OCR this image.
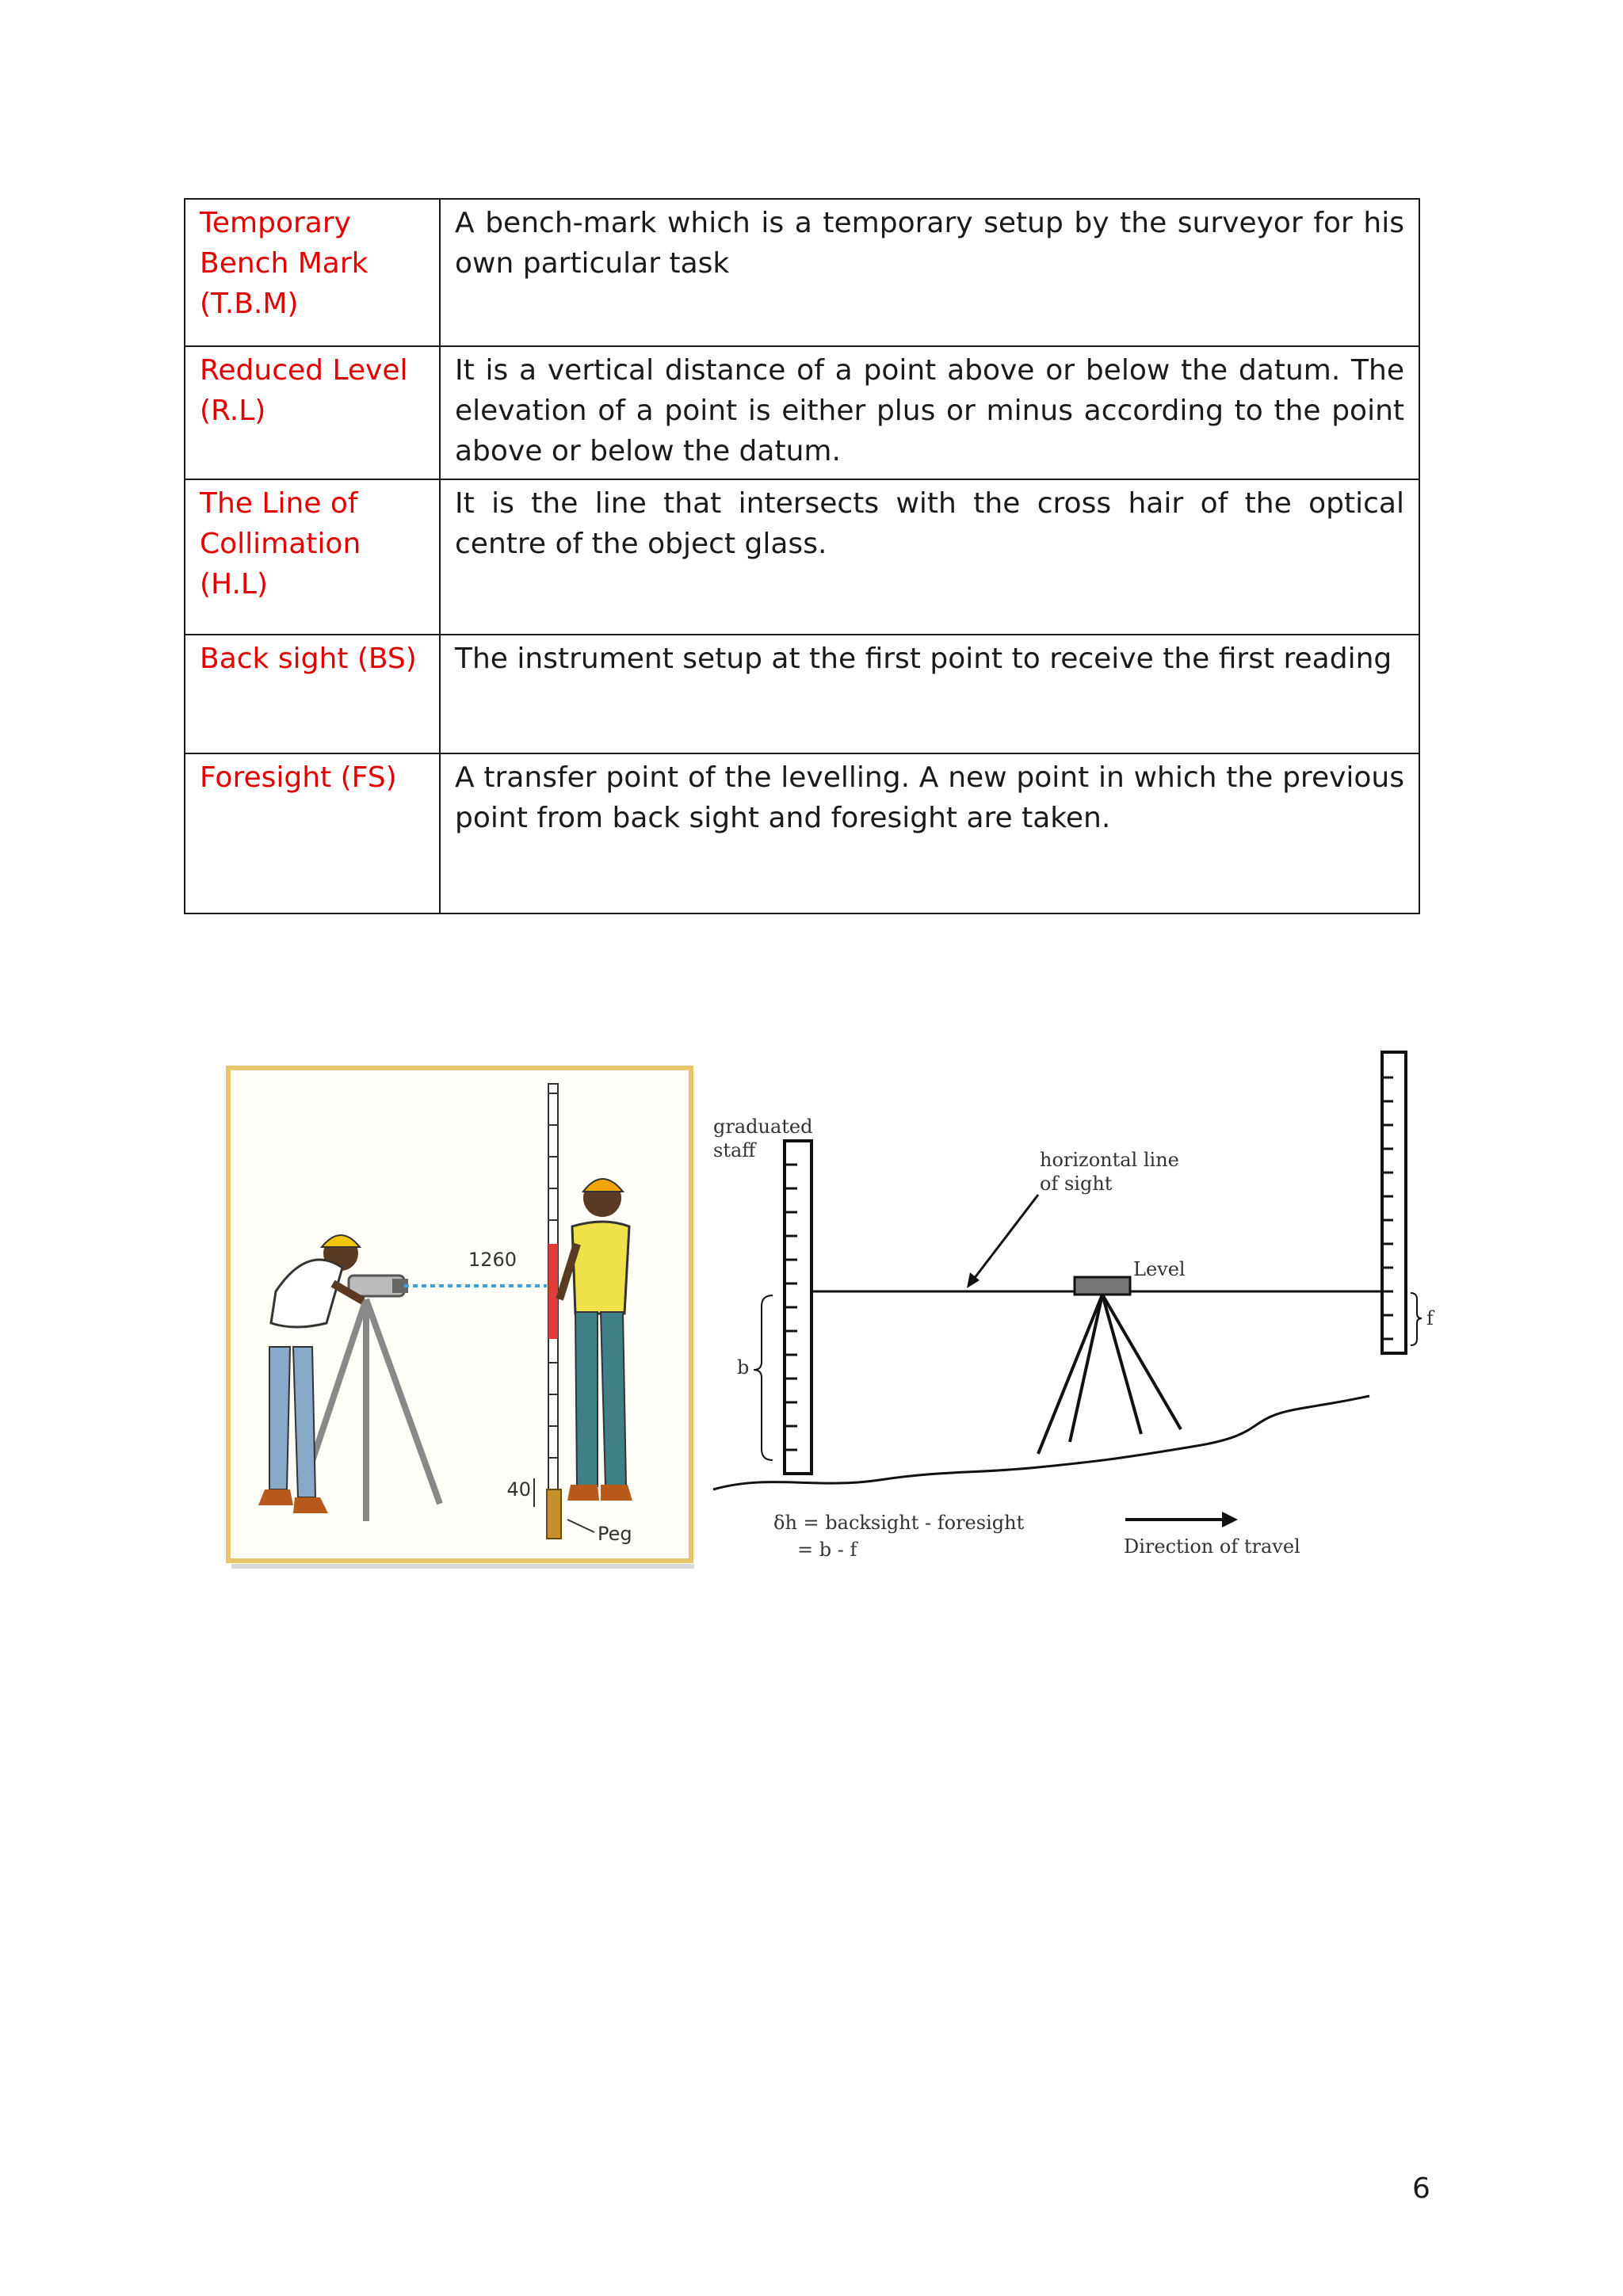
Temporary Bench Mark (T.B.M)	A bench-mark which is a temporary setup by the surveyor for his own particular task
Reduced Level (R.L)	It is a vertical distance of a point above or below the datum. The elevation of a point is either plus or minus according to the point above or below the datum.
The Line of Collimation (H.L)	It is the line that intersects with the cross hair of the optical centre of the object glass.
Back sight (BS)	The instrument setup at the first point to receive the first reading
Foresight (FS)	A transfer point of the levelling. A new point in which the previous point from back sight and foresight are taken.
1260
40
Peg
graduated
staff	horizontal line
of sight
Level
b
f
δh = backsight - foresight
= b - f	Direction of travel
6
